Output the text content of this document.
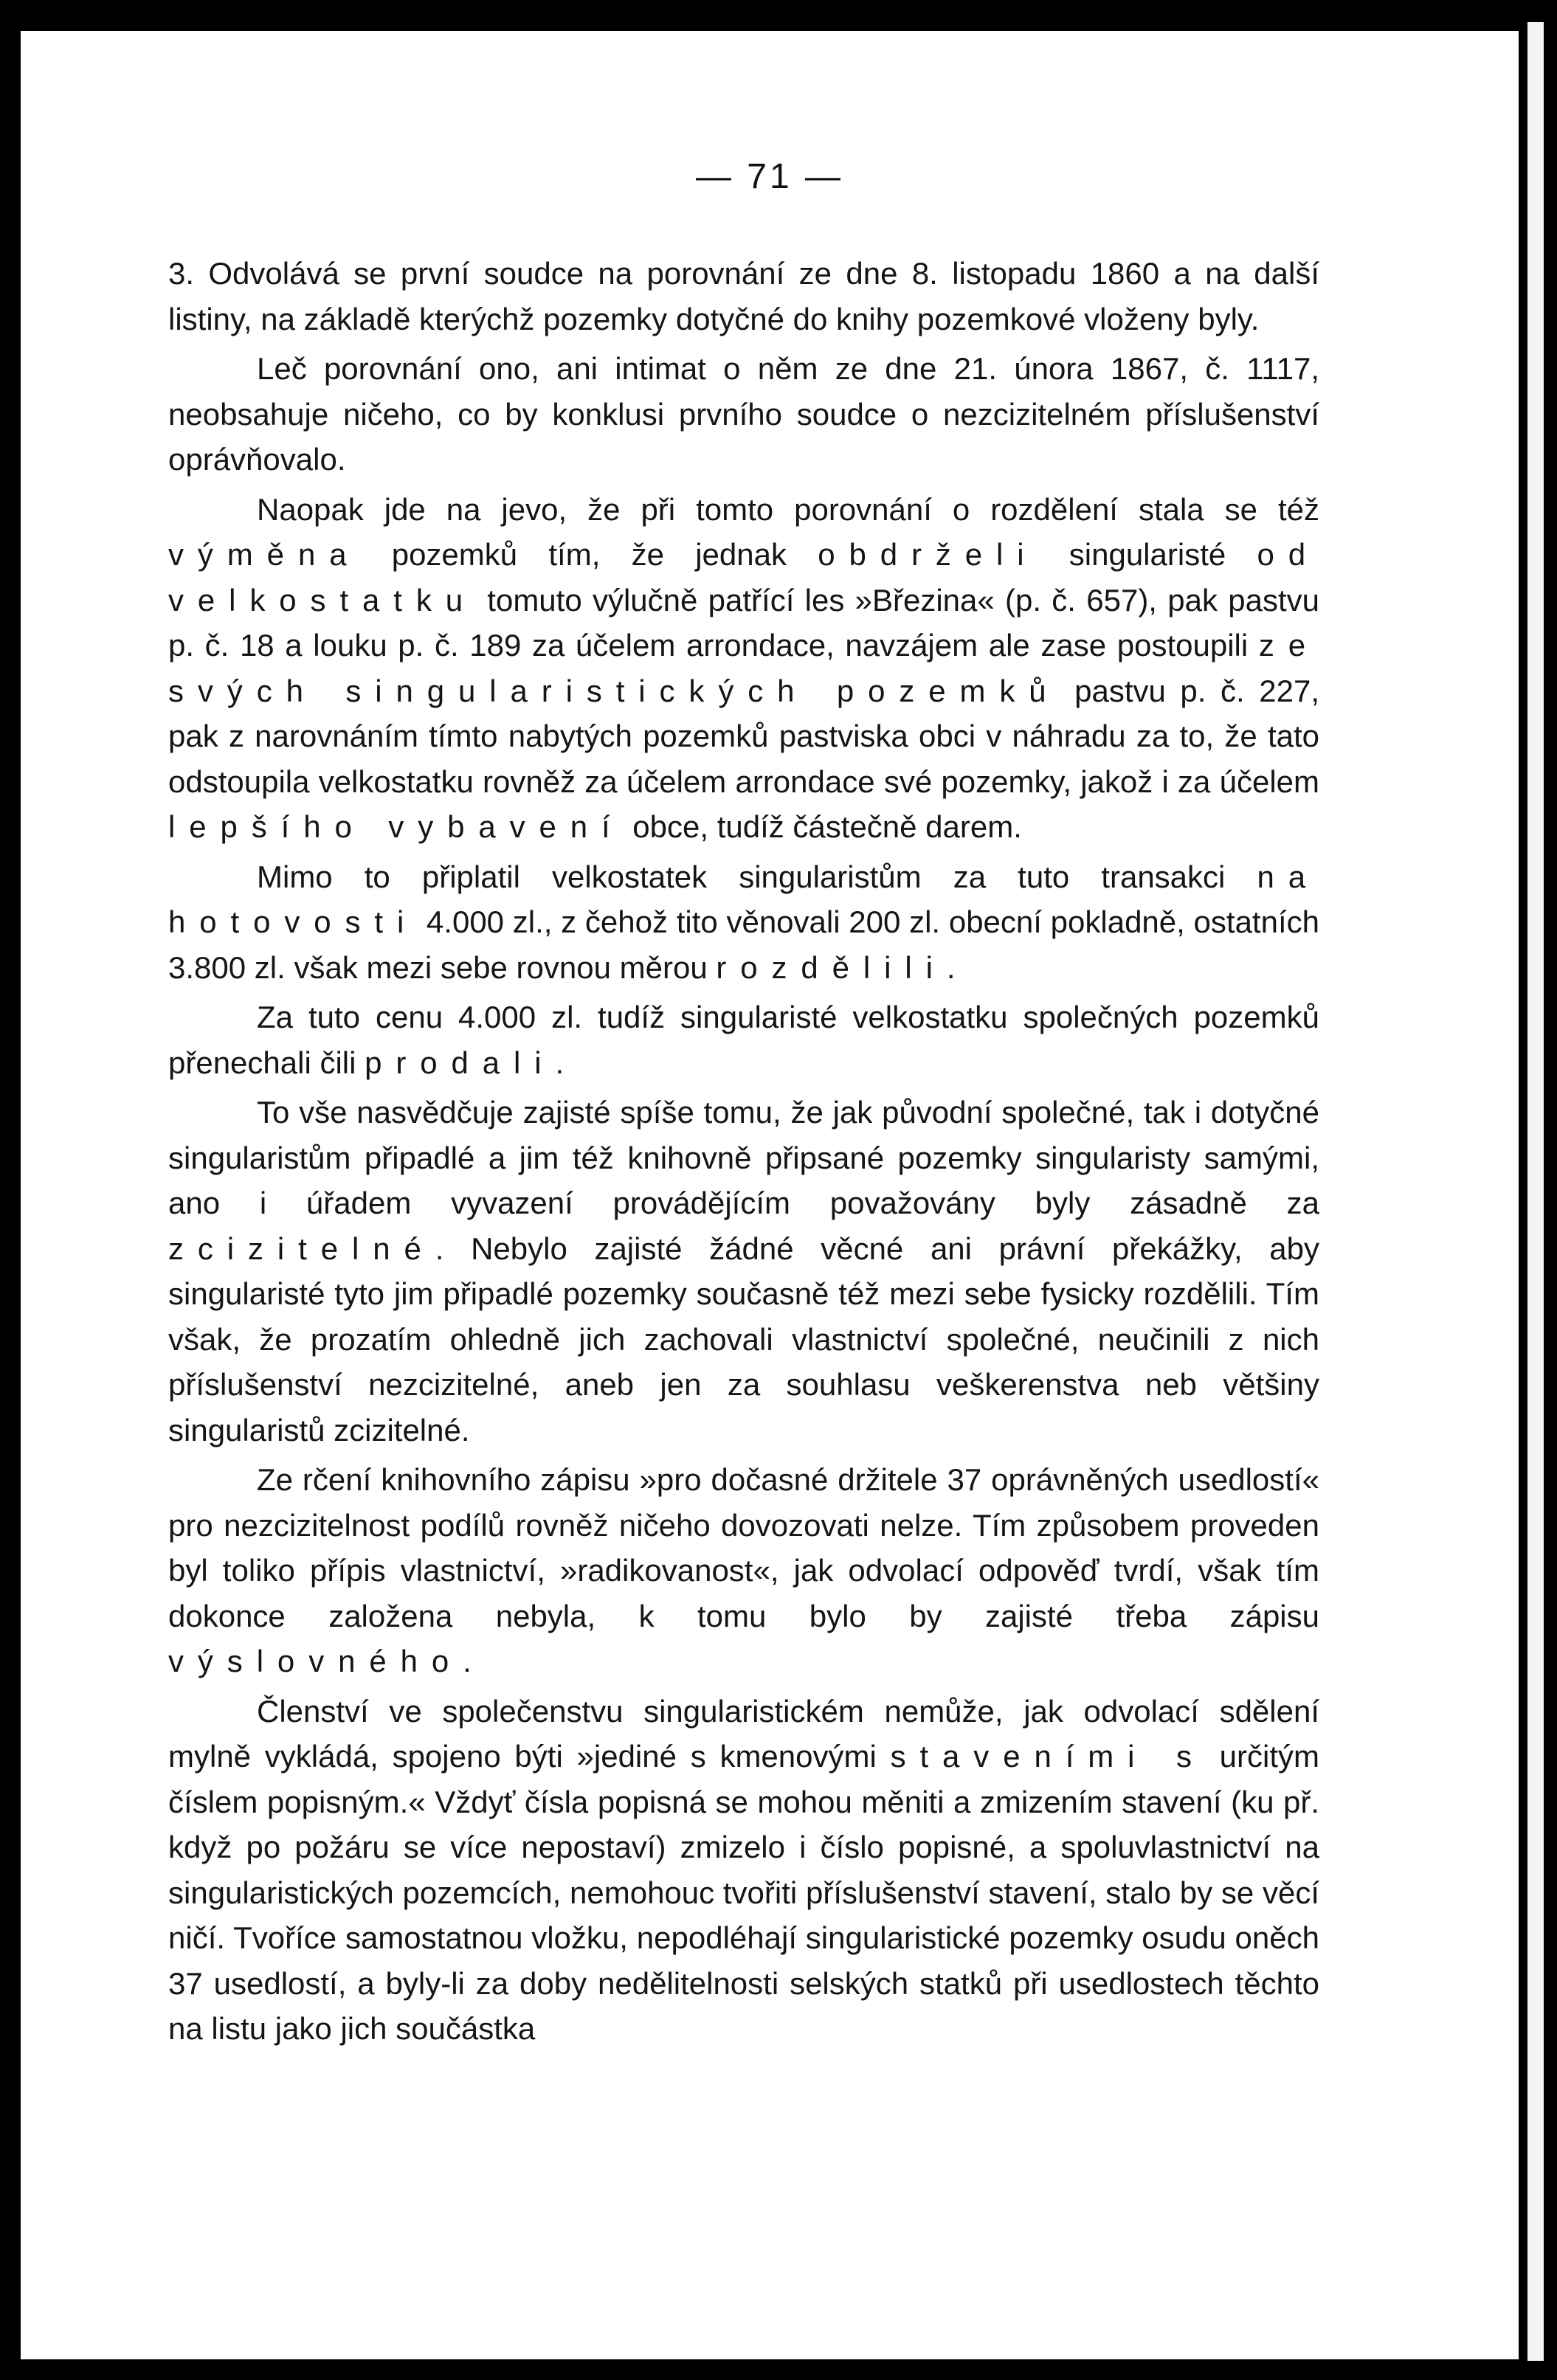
— 71 —

3. Odvolává se první soudce na porovnání ze dne 8. listopadu 1860 a na další listiny, na základě kterýchž pozemky dotyčné do knihy pozemkové vloženy byly.

Leč porovnání ono, ani intimat o něm ze dne 21. února 1867, č. 1117, neobsahuje ničeho, co by konklusi prvního soudce o nezcizitelném příslušenství oprávňovalo.

Naopak jde na jevo, že při tomto porovnání o rozdělení stala se též výměna pozemků tím, že jednak obdrželi singularisté od velkostatku tomuto výlučně patřící les »Březina« (p. č. 657), pak pastvu p. č. 18 a louku p. č. 189 za účelem arrondace, navzájem ale zase postoupili ze svých singularistických pozemků pastvu p. č. 227, pak z narovnáním tímto nabytých pozemků pastviska obci v náhradu za to, že tato odstoupila velkostatku rovněž za účelem arrondace své pozemky, jakož i za účelem lepšího vybavení obce, tudíž částečně darem.

Mimo to připlatil velkostatek singularistům za tuto transakci na hotovosti 4.000 zl., z čehož tito věnovali 200 zl. obecní pokladně, ostatních 3.800 zl. však mezi sebe rovnou měrou rozdělili.

Za tuto cenu 4.000 zl. tudíž singularisté velkostatku společných pozemků přenechali čili prodali.

To vše nasvědčuje zajisté spíše tomu, že jak původní společné, tak i dotyčné singularistům připadlé a jim též knihovně připsané pozemky singularisty samými, ano i úřadem vyvazení provádějícím považovány byly zásadně za zcizitelné. Nebylo zajisté žádné věcné ani právní překážky, aby singularisté tyto jim připadlé pozemky současně též mezi sebe fysicky rozdělili. Tím však, že prozatím ohledně jich zachovali vlastnictví společné, neučinili z nich příslušenství nezcizitelné, aneb jen za souhlasu veškerenstva neb většiny singularistů zcizitelné.

Ze rčení knihovního zápisu »pro dočasné držitele 37 oprávněných usedlostí« pro nezcizitelnost podílů rovněž ničeho dovozovati nelze. Tím způsobem proveden byl toliko přípis vlastnictví, »radikovanost«, jak odvolací odpověď tvrdí, však tím dokonce založena nebyla, k tomu bylo by zajisté třeba zápisu výslovného.

Členství ve společenstvu singularistickém nemůže, jak odvolací sdělení mylně vykládá, spojeno býti »jediné s kmenovými staveními s určitým číslem popisným.« Vždyť čísla popisná se mohou měniti a zmizením stavení (ku př. když po požáru se více nepostaví) zmizelo i číslo popisné, a spoluvlastnictví na singularistických pozemcích, nemohouc tvořiti příslušenství stavení, stalo by se věcí ničí. Tvoříce samostatnou vložku, nepodléhají singularistické pozemky osudu oněch 37 usedlostí, a byly-li za doby nedělitelnosti selských statků při usedlostech těchto na listu jako jich součástka
